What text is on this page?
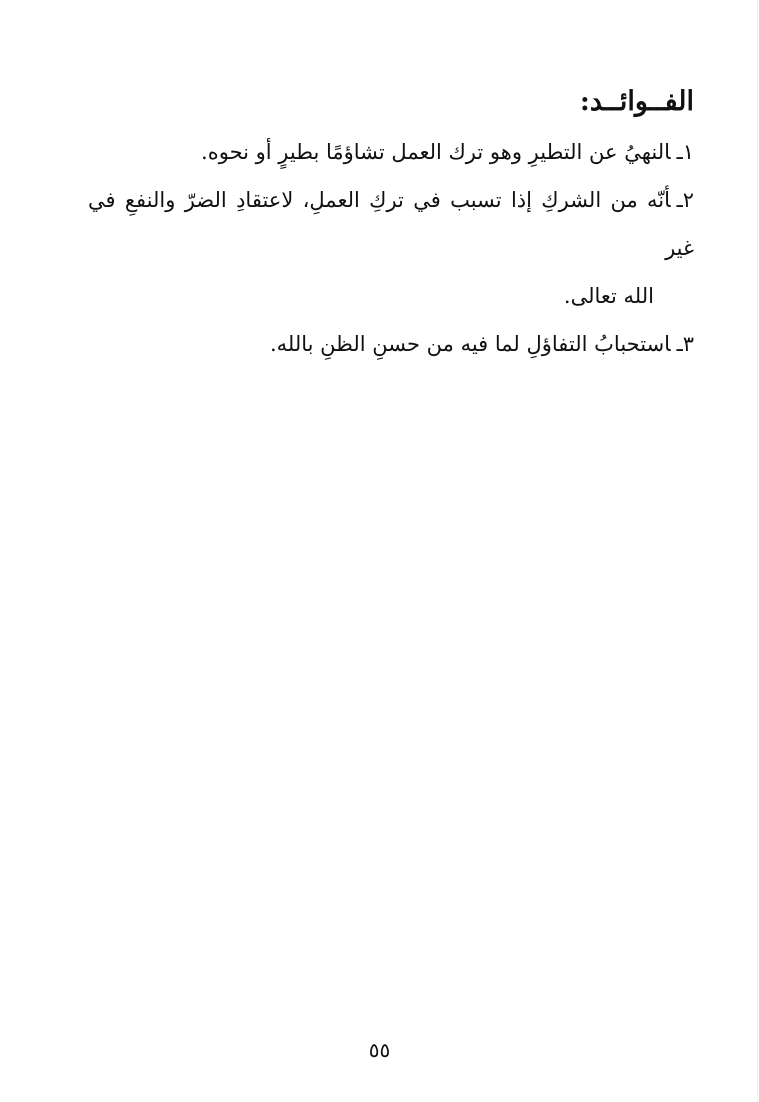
الفــوائــد:

١ـالنهيُ عن التطيرِ وهو ترك العمل تشاؤمًا بطيرٍ أو نحوه.

٢ـأنّه من الشركِ إذا تسبب في تركِ العملِ، لاعتقادِ الضرّ والنفعِ في غير

الله تعالى.

٣ـاستحبابُ التفاؤلِ لما فيه من حسنِ الظنِ بالله.

٥٥
